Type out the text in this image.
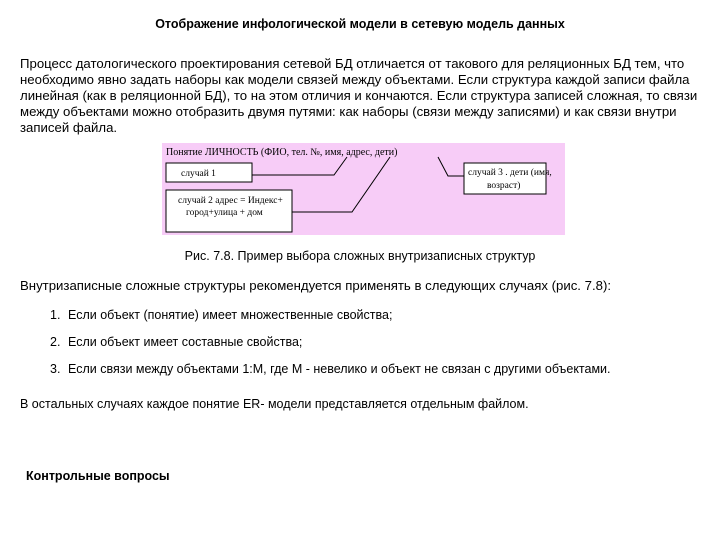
Отображение инфологической модели в сетевую модель данных
Процесс датологического проектирования сетевой БД отличается от такового для реляционных БД тем, что необходимо явно задать наборы как модели связей между объектами. Если структура каждой записи файла линейная (как в реляционной БД), то на этом отличия и кончаются. Если структура записей сложная, то связи между объектами можно отобразить двумя путями: как наборы (связи между записями) и как связи внутри записей файла.
Понятие ЛИЧНОСТЬ (ФИО, тел. №, имя, адрес, дети)
случай 1
случай 2 адрес = Индекс+
город+улица + дом
случай 3 . дети (имя,
возраст)
Рис. 7.8. Пример выбора сложных внутризаписных структур
Внутризаписные сложные структуры рекомендуется применять в следующих случаях (рис. 7.8):
1. Если объект (понятие) имеет множественные свойства;
2. Если объект имеет составные свойства;
3. Если связи между объектами 1:М, где М - невелико и объект не связан с другими объектами.
В остальных случаях каждое понятие ER- модели представляется отдельным файлом.
Контрольные вопросы
